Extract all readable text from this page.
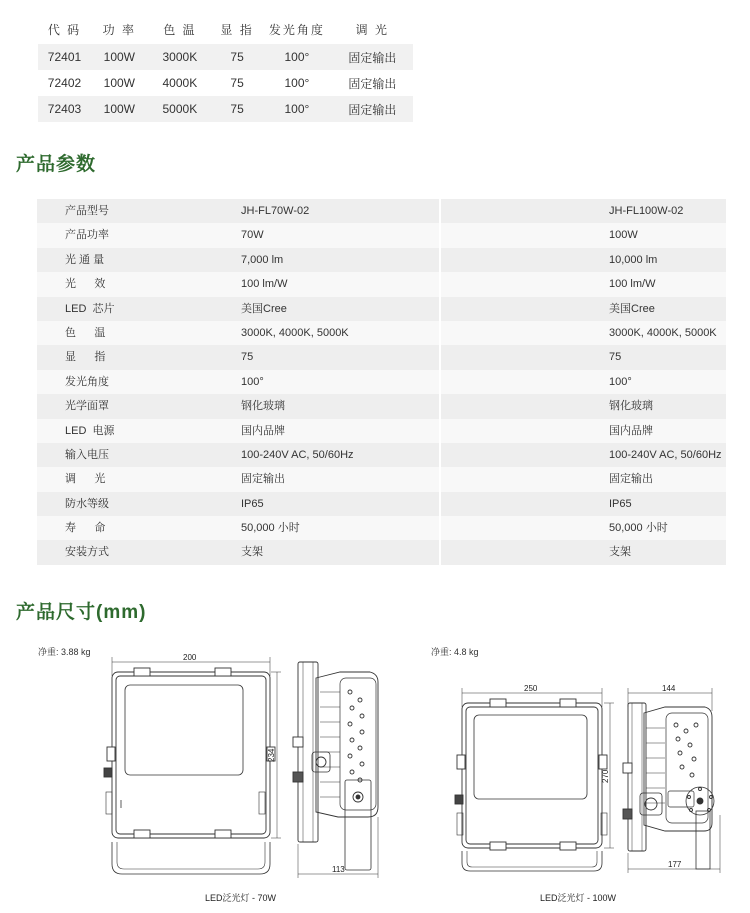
代 码	功 率	色 温	显 指	发光角度	调 光
72401	100W	3000K	75	100°	固定输出
72402	100W	4000K	75	100°	固定输出
72403	100W	5000K	75	100°	固定输出
产品参数
产品型号	JH-FL70W-02	JH-FL100W-02
产品功率	70W	100W
光 通 量	7,000 lm	10,000 lm
光      效	100 lm/W	100 lm/W
LED  芯片	美国Cree	美国Cree
色      温	3000K, 4000K, 5000K	3000K, 4000K, 5000K
显      指	75	75
发光角度	100°	100°
光学面罩	钢化玻璃	钢化玻璃
LED  电源	国内品牌	国内品牌
输入电压	100-240V AC, 50/60Hz	100-240V AC, 50/60Hz
调      光	固定输出	固定输出
防水等级	IP65	IP65
寿      命	50,000 小时	50,000 小时
安装方式	支架	支架
产品尺寸(mm)
净重: 3.88 kg	净重: 4.8 kg
200
234
113
LED泛光灯 - 70W
250
270
144
177
LED泛光灯 - 100W
